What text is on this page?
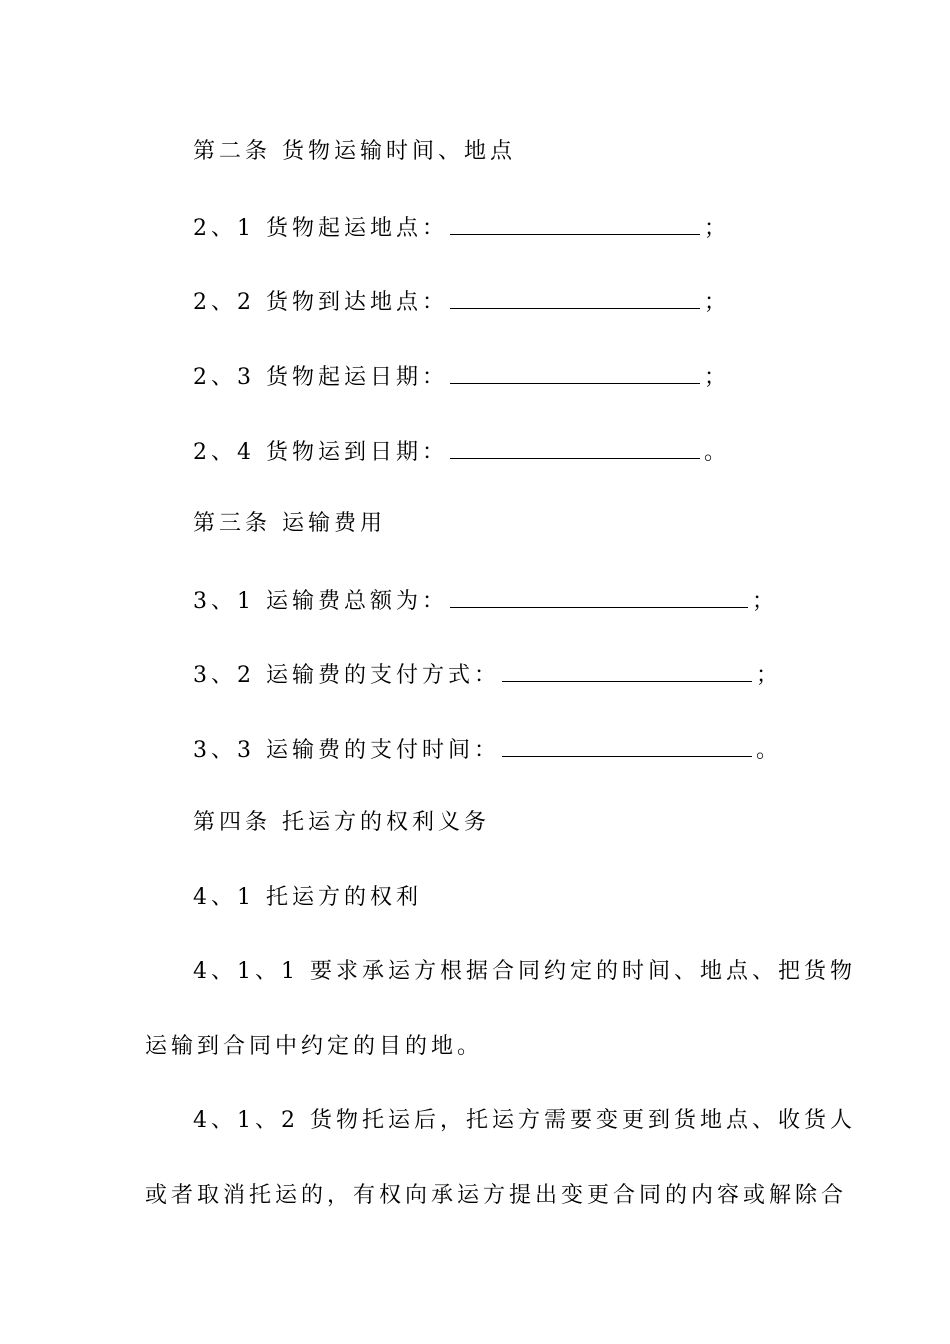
第二条 货物运输时间、地点
2、1 货物起运地点：	；
2、2 货物到达地点：	；
2、3 货物起运日期：	；
2、4 货物运到日期：	。
第三条 运输费用
3、1 运输费总额为：	；
3、2 运输费的支付方式：	；
3、3 运输费的支付时间：	。
第四条 托运方的权利义务
4、1 托运方的权利
4、1、1 要求承运方根据合同约定的时间、地点、把货物
运输到合同中约定的目的地。
4、1、2 货物托运后，托运方需要变更到货地点、收货人
或者取消托运的，有权向承运方提出变更合同的内容或解除合
